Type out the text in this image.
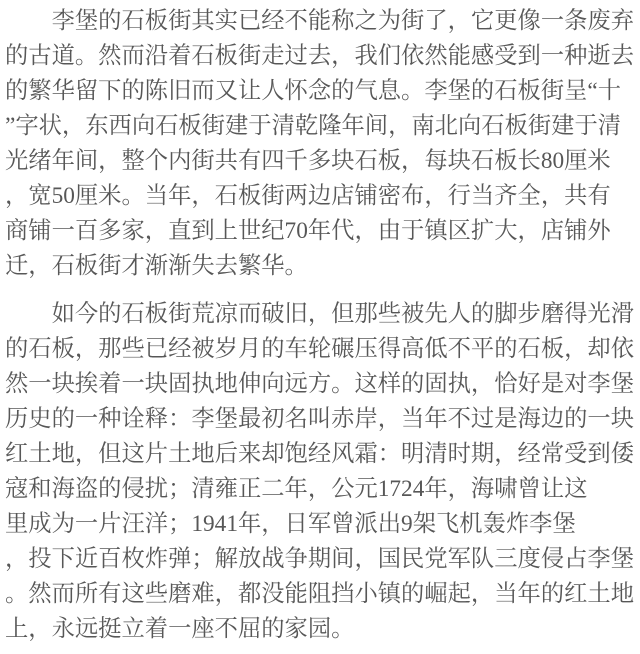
李堡的石板街其实已经不能称之为街了，它更像一条废弃
的古道。然而沿着石板街走过去，我们依然能感受到一种逝去
的繁华留下的陈旧而又让人怀念的气息。李堡的石板街呈“十
”字状，东西向石板街建于清乾隆年间，南北向石板街建于清
光绪年间，整个内街共有四千多块石板，每块石板长80厘米
，宽50厘米。当年，石板街两边店铺密布，行当齐全，共有
商铺一百多家，直到上世纪70年代，由于镇区扩大，店铺外
迁，石板街才渐渐失去繁华。
如今的石板街荒凉而破旧，但那些被先人的脚步磨得光滑
的石板，那些已经被岁月的车轮碾压得高低不平的石板，却依
然一块挨着一块固执地伸向远方。这样的固执，恰好是对李堡
历史的一种诠释：李堡最初名叫赤岸，当年不过是海边的一块
红土地，但这片土地后来却饱经风霜：明清时期，经常受到倭
寇和海盗的侵扰；清雍正二年，公元1724年，海啸曾让这
里成为一片汪洋；1941年，日军曾派出9架飞机轰炸李堡
，投下近百枚炸弹；解放战争期间，国民党军队三度侵占李堡
。然而所有这些磨难，都没能阻挡小镇的崛起，当年的红土地
上，永远挺立着一座不屈的家园。
